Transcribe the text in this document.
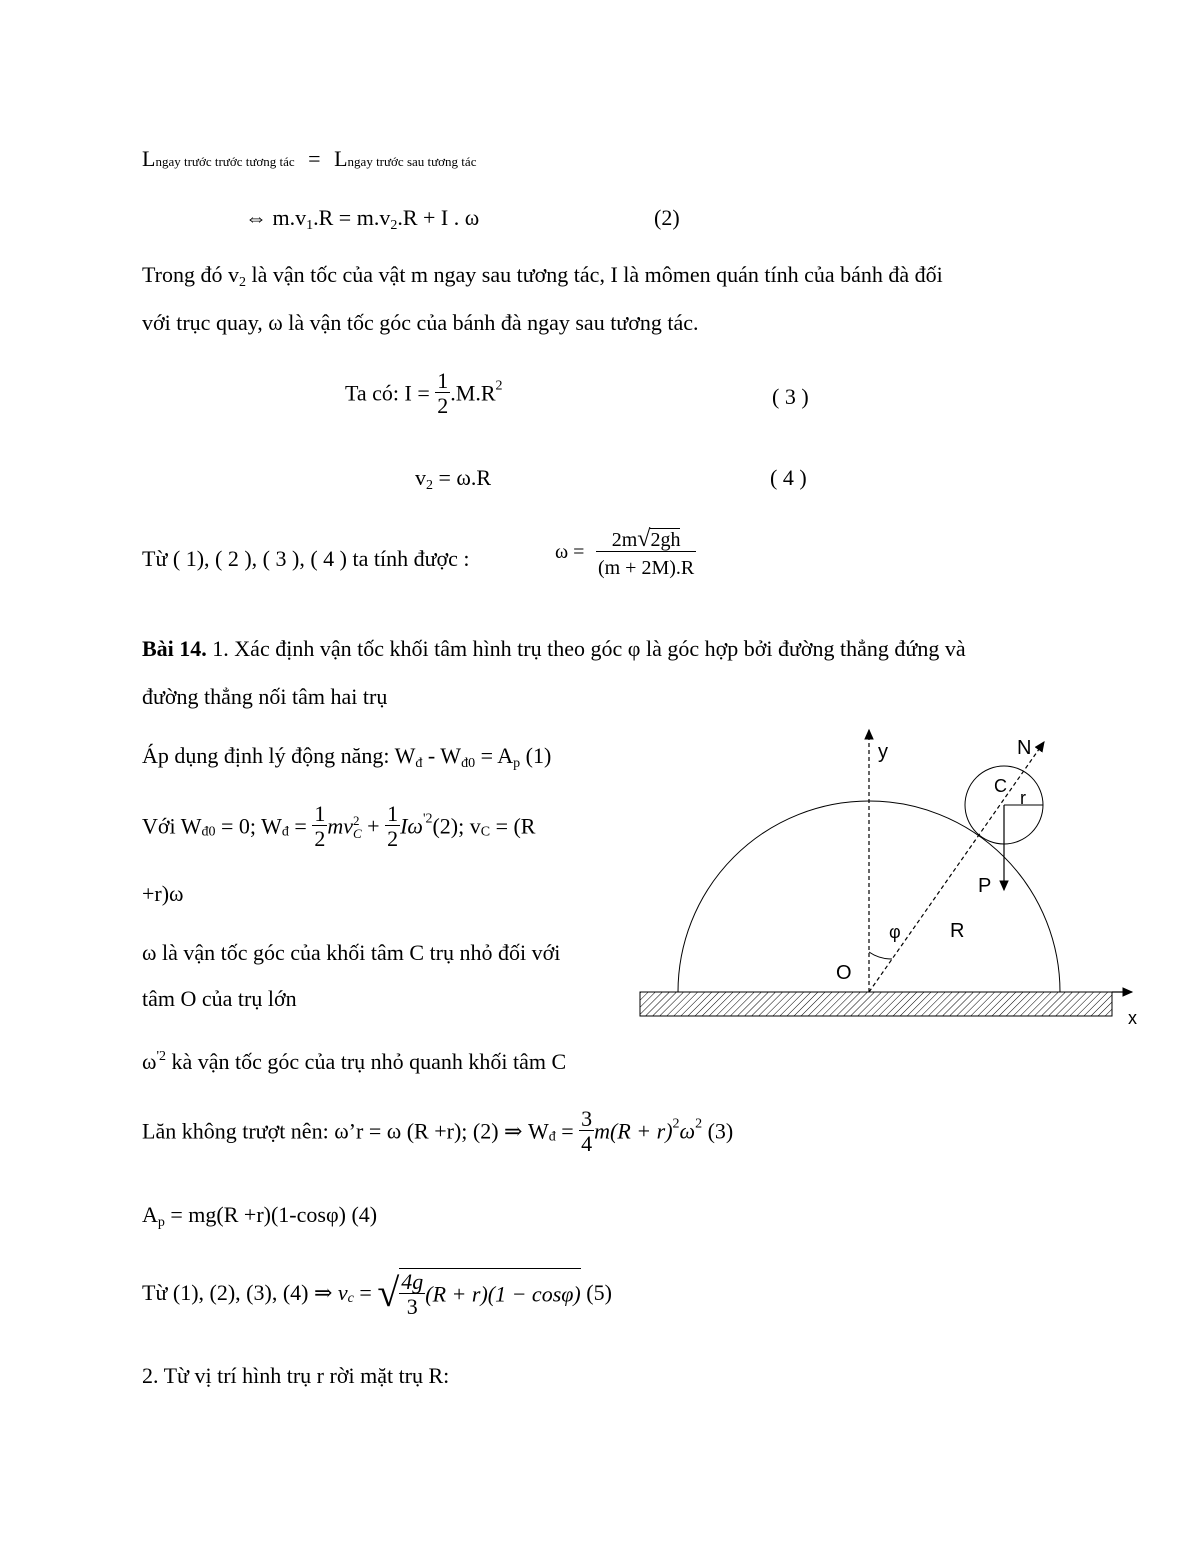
Lngay trước trước tương tác = Lngay trước sau tương tác
⇔ $m.v_1.R = m.v_2.R + I$ . ω	(2)
Trong đó $v_2$ là vận tốc của vật m ngay sau tương tác, I là mômen quán tính của bánh đà đối
với trục quay, ω là vận tốc góc của bánh đà ngay sau tương tác.
Ta có: $I = \frac{1}{2} .M.R^2$	( 3 )
$v_2 = \omega.R$	( 4 )
Từ ( 1), ( 2 ), ( 3 ), ( 4 ) ta tính được :	$\omega = \frac{2m√2gh}{(m + 2M).R}$
Bài 14. 1. Xác định vận tốc khối tâm hình trụ theo góc φ là góc hợp bởi đường thẳng đứng và
đường thẳng nối tâm hai trụ
Áp dụng định lý động năng: $W_đ - W_{đ0} = A_p$ (1)
Với $W_{đ0} = 0$; $W_đ = \frac{1}{2}$ mv 2
$C + \frac{1}{2} I\omega^{'2}(2)$; $v_C = (R$
+r)ω
ω là vận tốc góc của khối tâm C trụ nhỏ đối với
tâm O của trụ lớn
$\omega^{'2}$ kà vận tốc góc của trụ nhỏ quanh khối tâm C
Lăn không trượt nên: ω’r = ω (R +r); (2) ⇒ $W_đ = \frac{3}{4} m(R + r)^2\omega^2$ (3)
$A_p = mg(R +r)(1-\cos\varphi)$ (4)
Từ (1), (2), (3), (4) ⇒ $v_c$ = √ $\frac{4g}{3} (R + r)(1 - \cos\varphi)$ (5)
2. Từ vị trí hình trụ r rời mặt trụ R:
y	N
C
r
P
φ R
O
x
